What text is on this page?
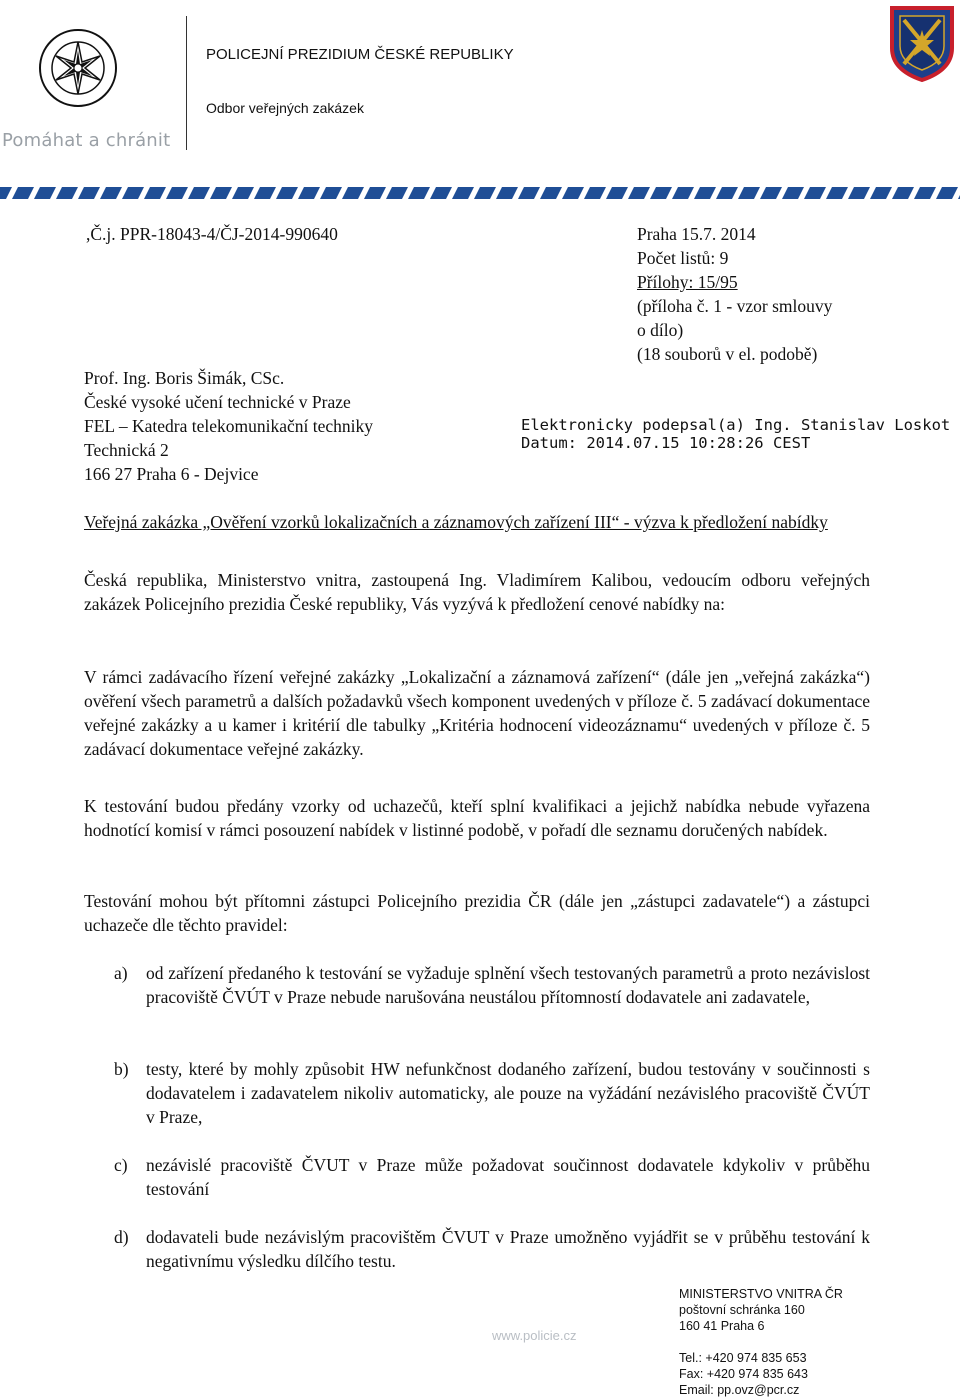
Pomáhat a chránit
POLICEJNÍ PREZIDIUM ČESKÉ REPUBLIKY
Odbor veřejných zakázek
,Č.j. PPR-18043-4/ČJ-2014-990640	Praha 15.7. 2014
Počet listů: 9
Přílohy: 15/95
(příloha č. 1 - vzor smlouvy
o dílo)
(18 souborů v el. podobě)
Prof. Ing. Boris Šimák, CSc.
České vysoké učení technické v Praze
FEL – Katedra telekomunikační techniky
Technická 2
166 27 Praha 6 - Dejvice
Elektronicky podepsal(a) Ing. Stanislav Loskot
Datum: 2014.07.15 10:28:26 CEST
Veřejná zakázka „Ověření vzorků lokalizačních a záznamových zařízení III“ - výzva k předložení nabídky
Česká republika, Ministerstvo vnitra, zastoupená Ing. Vladimírem Kalibou, vedoucím odboru veřejných zakázek Policejního prezidia České republiky, Vás vyzývá k předložení cenové nabídky na:
V rámci zadávacího řízení veřejné zakázky „Lokalizační a záznamová zařízení“ (dále jen „veřejná zakázka“) ověření všech parametrů a dalších požadavků všech komponent uvedených v příloze č. 5 zadávací dokumentace veřejné zakázky a u kamer i kritérií dle tabulky „Kritéria hodnocení videozáznamu“ uvedených v příloze č. 5 zadávací dokumentace veřejné zakázky.
K testování budou předány vzorky od uchazečů, kteří splní kvalifikaci a jejichž nabídka nebude vyřazena hodnotící komisí v rámci posouzení nabídek v listinné podobě, v pořadí dle seznamu doručených nabídek.
Testování mohou být přítomni zástupci Policejního prezidia ČR (dále jen „zástupci zadavatele“) a zástupci uchazeče dle těchto pravidel:
a)	od zařízení předaného k testování se vyžaduje splnění všech testovaných parametrů a proto nezávislost pracoviště ČVÚT v Praze nebude narušována neustálou přítomností dodavatele ani zadavatele,
b) testy, které by mohly způsobit HW nefunkčnost dodaného zařízení, budou testovány v součinnosti s dodavatelem i zadavatelem nikoliv automaticky, ale pouze na vyžádání nezávislého pracoviště ČVÚT v Praze,
c)	nezávislé pracoviště ČVUT v Praze může požadovat součinnost dodavatele kdykoliv v průběhu testování
d) dodavateli bude nezávislým pracovištěm ČVUT v Praze umožněno vyjádřit se v průběhu testování k negativnímu výsledku dílčího testu.
www.policie.cz
MINISTERSTVO VNITRA ČR
poštovní schránka 160
160 41 Praha 6
Tel.: +420 974 835 653
Fax: +420 974 835 643
Email: pp.ovz@pcr.cz
